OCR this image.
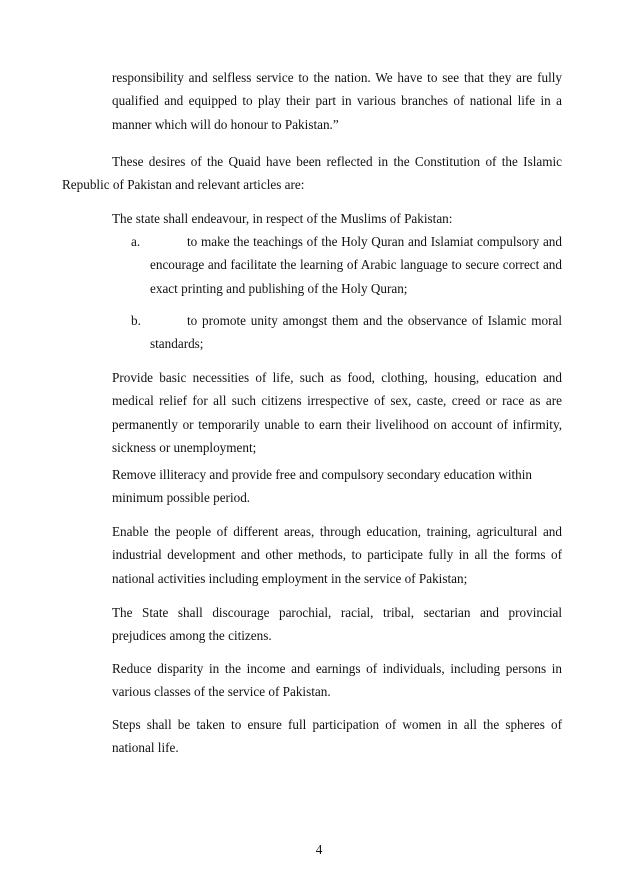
responsibility and selfless service to the nation. We have to see that they are fully qualified and equipped to play their part in various branches of national life in a manner which will do honour to Pakistan.”

These desires of the Quaid have been reflected in the Constitution of the Islamic Republic of Pakistan and relevant articles are:

The state shall endeavour, in respect of the Muslims of Pakistan:

a.	to make the teachings of the Holy Quran and Islamiat compulsory and encourage and facilitate the learning of Arabic language to secure correct and exact printing and publishing of the Holy Quran;
b.	to promote unity amongst them and the observance of Islamic moral standards;

Provide basic necessities of life, such as food, clothing, housing, education and medical relief for all such citizens irrespective of sex, caste, creed or race as are permanently or temporarily unable to earn their livelihood on account of infirmity, sickness or unemployment;

Remove illiteracy and provide free and compulsory secondary education within minimum possible period.

Enable the people of different areas, through education, training, agricultural and industrial development and other methods, to participate fully in all the forms of national activities including employment in the service of Pakistan;

The State shall discourage parochial, racial, tribal, sectarian and provincial prejudices among the citizens.

Reduce disparity in the income and earnings of individuals, including persons in various classes of the service of Pakistan.

Steps shall be taken to ensure full participation of women in all the spheres of national life.

4
